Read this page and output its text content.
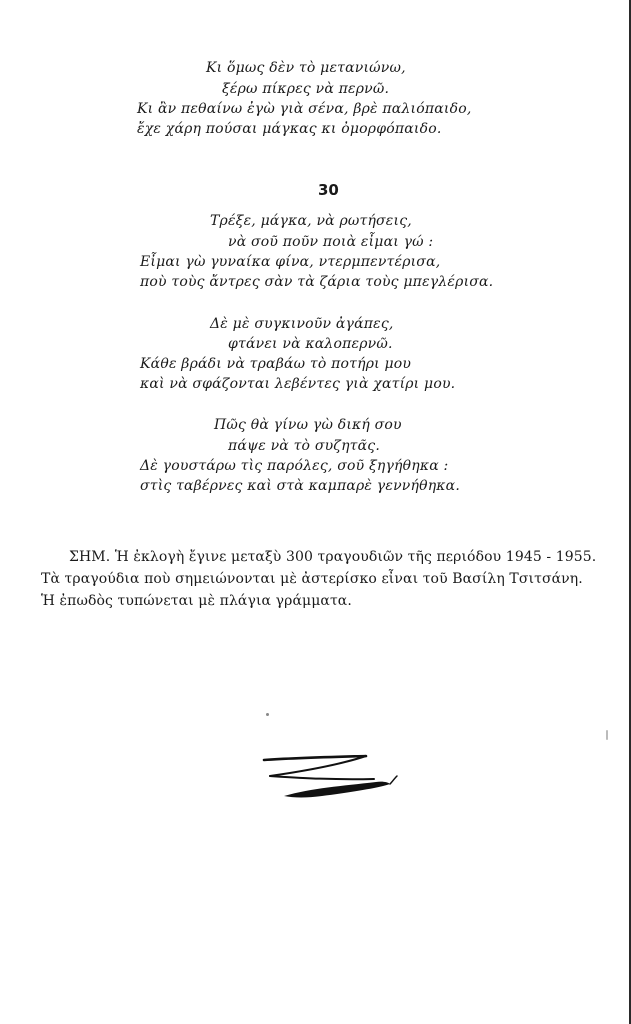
Κι ὅμως δὲν τὸ μετανιώνω,
ξέρω πίκρες νὰ περνῶ.
Κι ἂν πεθαίνω ἐγὼ γιὰ σένα, βρὲ παλιόπαιδο,
ἔχε χάρη πούσαι μάγκας κι ὀμορφόπαιδο.
30
Τρέξε, μάγκα, νὰ ρωτήσεις,
νὰ σοῦ ποῦν ποιὰ εἶμαι γώ :
Εἶμαι γὼ γυναίκα φίνα, ντερμπεντέρισα,
ποὺ τοὺς ἄντρες σὰν τὰ ζάρια τοὺς μπεγλέρισα.
Δὲ μὲ συγκινοῦν ἀγάπες,
φτάνει νὰ καλοπερνῶ.
Κάθε βράδι νὰ τραβάω τὸ ποτήρι μου
καὶ νὰ σφάζονται λεβέντες γιὰ χατίρι μου.
Πῶς θὰ γίνω γὼ δική σου
πάψε νὰ τὸ συζητᾶς.
Δὲ γουστάρω τὶς παρόλες, σοῦ ξηγήθηκα :
στὶς ταβέρνες καὶ στὰ καμπαρὲ γεννήθηκα.
ΣΗΜ. Ἡ ἐκλογὴ ἔγινε μεταξὺ 300 τραγουδιῶν τῆς περιόδου 1945 - 1955.
Τὰ τραγούδια ποὺ σημειώνονται μὲ ἀστερίσκο εἶναι τοῦ Βασίλη Τσιτσάνη.
Ἡ ἐπωδὸς τυπώνεται μὲ πλάγια γράμματα.
